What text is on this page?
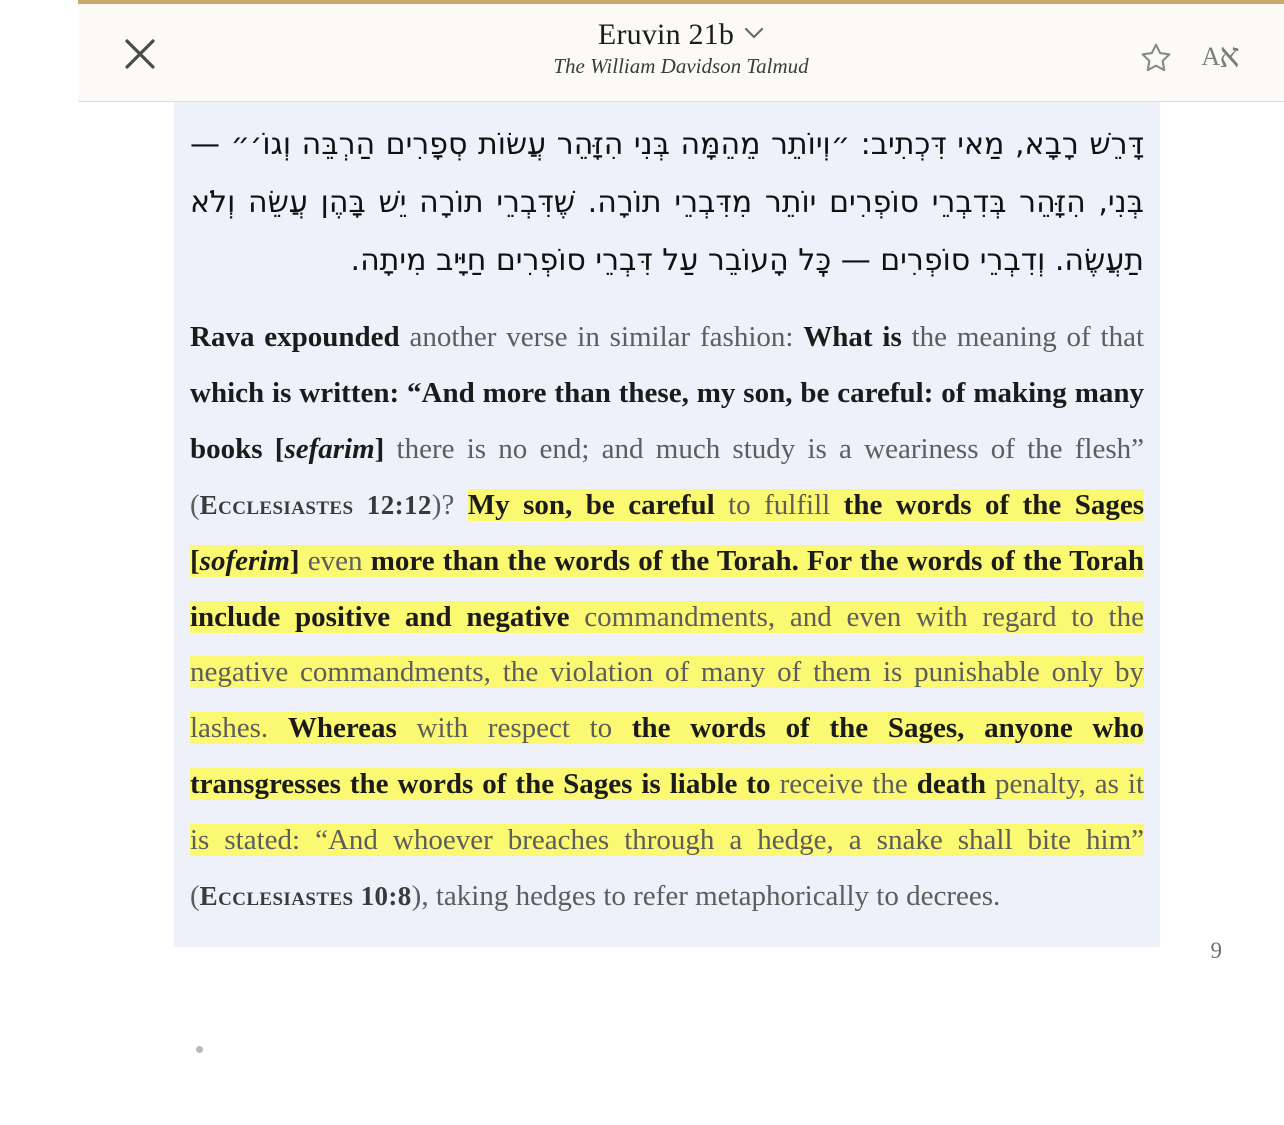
Eruvin 21b
The William Davidson Talmud	A א

דָּרֵשׁ רָבָא, מַאי דִּכְתִיב: ״וְיוֹתֵר מֵהֵמָּה בְּנִי הִזָּהֵר עֲשׂוֹת סְפָרִים הַרְבֵּה וְגוֹ׳״ — בְּנִי, הִזָּהֵר בְּדִבְרֵי סוֹפְרִים יוֹתֵר מִדִּבְרֵי תוֹרָה. שֶׁדִּבְרֵי תוֹרָה יֵשׁ בָּהֶן עֲשֵׂה וְלֹא תַעֲשֶׂה. וְדִבְרֵי סוֹפְרִים — כׇּל הָעוֹבֵר עַל דִּבְרֵי סוֹפְרִים חַיָּיב מִיתָה.

Rava expounded another verse in similar fashion: What is the meaning of that which is written: “And more than these, my son, be careful: of making many books [sefarim] there is no end; and much study is a weariness of the flesh” (Ecclesiastes 12:12)? My son, be careful to fulfill the words of the Sages [soferim] even more than the words of the Torah. For the words of the Torah include positive and negative commandments, and even with regard to the negative commandments, the violation of many of them is punishable only by lashes. Whereas with respect to the words of the Sages, anyone who transgresses the words of the Sages is liable to receive the death penalty, as it is stated: “And whoever breaches through a hedge, a snake shall bite him” (Ecclesiastes 10:8), taking hedges to refer metaphorically to decrees.

9
